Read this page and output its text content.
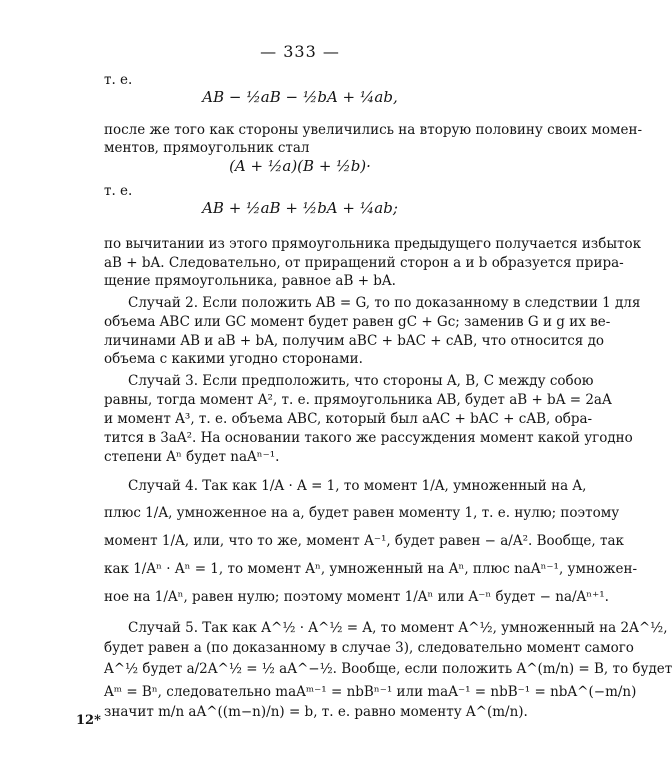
— 333 —
т. е.
AB − ½aB − ½bA + ¼ab,
после же того как стороны увеличились на вторую половину своих момен-
ментов, прямоугольник стал
(A + ½a)(B + ½b)·
т. е.
AB + ½aB + ½bA + ¼ab;
по вычитании из этого прямоугольника предыдущего получается избыток
aB + bA. Следовательно, от приращений сторон a и b образуется прира-
щение прямоугольника, равное aB + bA.
Случай 2. Если положить AB = G, то по доказанному в следствии 1 для
объема ABC или GC момент будет равен gC + Gc; заменив G и g их ве-
личинами AB и aB + bA, получим aBC + bAC + cAB, что относится до
объема с какими угодно сторонами.
Случай 3. Если предположить, что стороны A, B, C между собою
равны, тогда момент A², т. е. прямоугольника AB, будет aB + bA = 2aA
и момент A³, т. е. объема ABC, который был aAC + bAC + cAB, обра-
тится в 3aA². На основании такого же рассуждения момент какой угодно
степени Aⁿ будет naAⁿ⁻¹.
Случай 4. Так как 1/A · A = 1, то момент 1/A, умноженный на A,
плюс 1/A, умноженное на a, будет равен моменту 1, т. е. нулю; поэтому
момент 1/A, или, что то же, момент A⁻¹, будет равен − a/A². Вообще, так
как 1/Aⁿ · Aⁿ = 1, то момент Aⁿ, умноженный на Aⁿ, плюс naAⁿ⁻¹, умножен-
ное на 1/Aⁿ, равен нулю; поэтому момент 1/Aⁿ или A⁻ⁿ будет − na/Aⁿ⁺¹.
Случай 5. Так как A^½ · A^½ = A, то момент A^½, умноженный на 2A^½,
будет равен a (по доказанному в случае 3), следовательно момент самого
A^½ будет a/2A^½ = ½ aA^−½. Вообще, если положить A^(m/n) = B, то будет
Aᵐ = Bⁿ, следовательно maAᵐ⁻¹ = nbBⁿ⁻¹ или maA⁻¹ = nbB⁻¹ = nbA^(−m/n)
значит m/n aA^((m−n)/n) = b, т. е. равно моменту A^(m/n).
12*
